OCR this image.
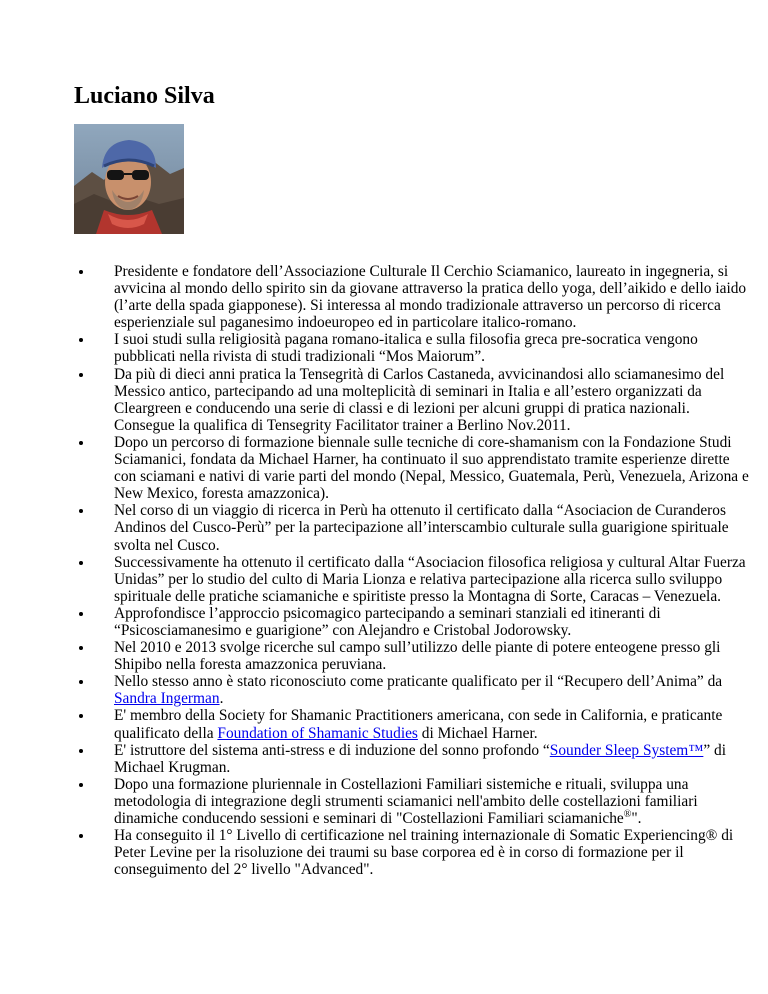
Luciano Silva
Presidente e fondatore dell’Associazione Culturale Il Cerchio Sciamanico, laureato in ingegneria, si avvicina al mondo dello spirito sin da giovane attraverso la pratica dello yoga, dell’aikido e dello iaido (l’arte della spada giapponese). Si interessa al mondo tradizionale attraverso un percorso di ricerca esperienziale sul paganesimo indoeuropeo ed in particolare italico-romano.
I suoi studi sulla religiosità pagana romano-italica e sulla filosofia greca pre-socratica vengono pubblicati nella rivista di studi tradizionali “Mos Maiorum”.
Da più di dieci anni pratica la Tensegrità di Carlos Castaneda, avvicinandosi allo sciamanesimo del Messico antico, partecipando ad una molteplicità di seminari in Italia e all’estero organizzati da Cleargreen e conducendo una serie di classi e di lezioni per alcuni gruppi di pratica nazionali. Consegue la qualifica di Tensegrity Facilitator trainer a Berlino Nov.2011.
Dopo un percorso di formazione biennale sulle tecniche di core-shamanism con la Fondazione Studi Sciamanici, fondata da Michael Harner, ha continuato il suo apprendistato tramite esperienze dirette con sciamani e nativi di varie parti del mondo (Nepal, Messico, Guatemala, Perù, Venezuela, Arizona e New Mexico, foresta amazzonica).
Nel corso di un viaggio di ricerca in Perù ha ottenuto il certificato dalla “Asociacion de Curanderos Andinos del Cusco-Perù” per la partecipazione all’interscambio culturale sulla guarigione spirituale svolta nel Cusco.
Successivamente ha ottenuto il certificato dalla “Asociacion filosofica religiosa y cultural Altar Fuerza Unidas” per lo studio del culto di Maria Lionza e relativa partecipazione alla ricerca sullo sviluppo spirituale delle pratiche sciamaniche e spiritiste presso la Montagna di Sorte, Caracas – Venezuela.
Approfondisce l’approccio psicomagico partecipando a seminari stanziali ed itineranti di “Psicosciamanesimo e guarigione” con Alejandro e Cristobal Jodorowsky.
Nel 2010 e 2013 svolge ricerche sul campo sull’utilizzo delle piante di potere enteogene presso gli Shipibo nella foresta amazzonica peruviana.
Nello stesso anno è stato riconosciuto come praticante qualificato per il “Recupero dell’Anima” da Sandra Ingerman.
E' membro della Society for Shamanic Practitioners americana, con sede in California, e praticante qualificato della Foundation of Shamanic Studies di Michael Harner.
E' istruttore del sistema anti-stress e di induzione del sonno profondo “Sounder Sleep System™” di Michael Krugman.
Dopo una formazione pluriennale in Costellazioni Familiari sistemiche e rituali, sviluppa una metodologia di integrazione degli strumenti sciamanici nell'ambito delle costellazioni familiari dinamiche conducendo sessioni e seminari di "Costellazioni Familiari sciamaniche®".
Ha conseguito il 1° Livello di certificazione nel training internazionale di Somatic Experiencing® di Peter Levine per la risoluzione dei traumi su base corporea ed è in corso di formazione per il conseguimento del 2° livello "Advanced".
